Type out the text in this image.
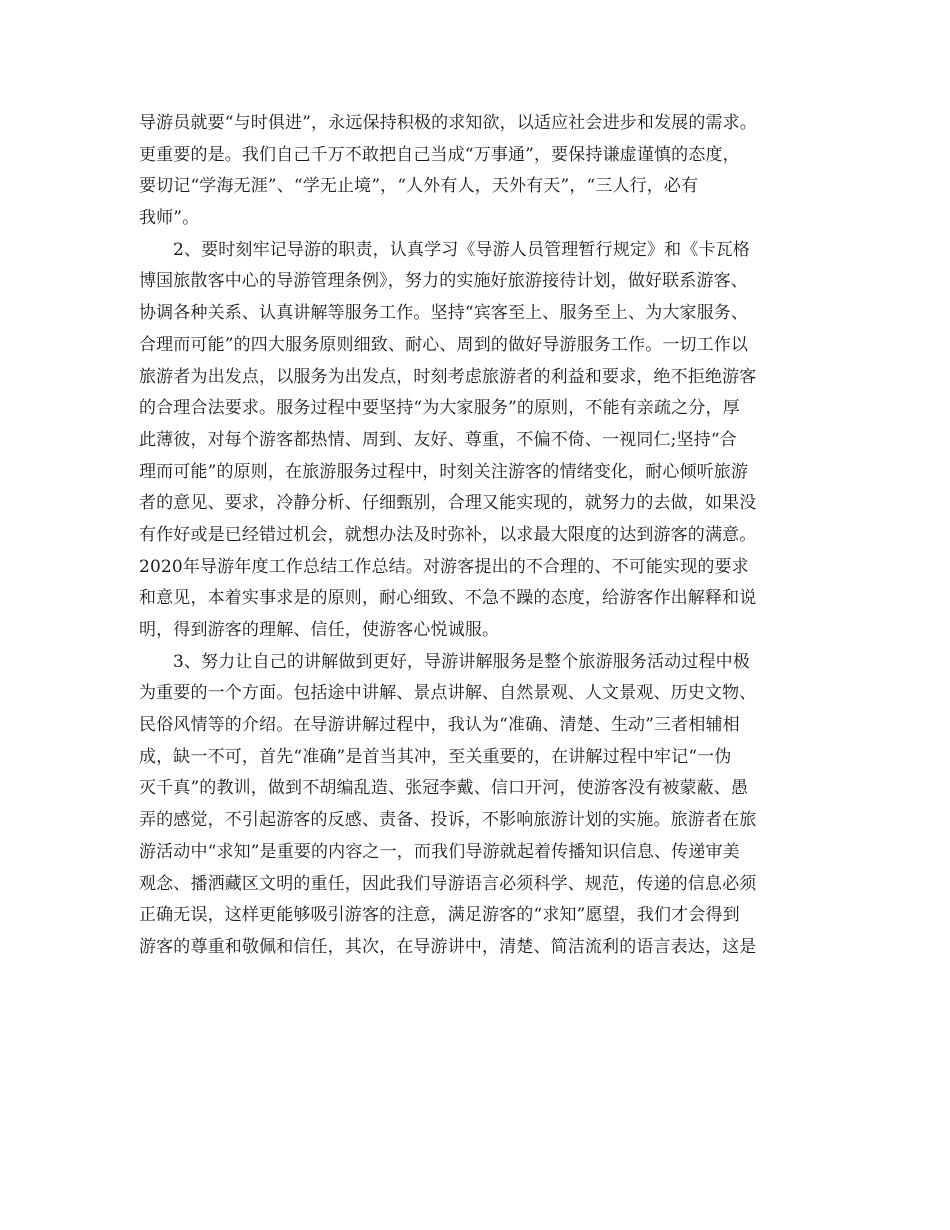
导游员就要“与时俱进”，永远保持积极的求知欲，以适应社会进步和发展的需求。
更重要的是。我们自己千万不敢把自己当成“万事通”，要保持谦虚谨慎的态度，
要切记“学海无涯”、“学无止境”，“人外有人，天外有天”，“三人行，必有
我师”。
2、要时刻牢记导游的职责，认真学习《导游人员管理暂行规定》和《卡瓦格
博国旅散客中心的导游管理条例》，努力的实施好旅游接待计划，做好联系游客、
协调各种关系、认真讲解等服务工作。坚持“宾客至上、服务至上、为大家服务、
合理而可能”的四大服务原则细致、耐心、周到的做好导游服务工作。一切工作以
旅游者为出发点，以服务为出发点，时刻考虑旅游者的利益和要求，绝不拒绝游客
的合理合法要求。服务过程中要坚持“为大家服务”的原则，不能有亲疏之分，厚
此薄彼，对每个游客都热情、周到、友好、尊重，不偏不倚、一视同仁;坚持“合
理而可能”的原则，在旅游服务过程中，时刻关注游客的情绪变化，耐心倾听旅游
者的意见、要求，冷静分析、仔细甄别，合理又能实现的，就努力的去做，如果没
有作好或是已经错过机会，就想办法及时弥补，以求最大限度的达到游客的满意。
2020年导游年度工作总结工作总结。对游客提出的不合理的、不可能实现的要求
和意见，本着实事求是的原则，耐心细致、不急不躁的态度，给游客作出解释和说
明，得到游客的理解、信任，使游客心悦诚服。
3、努力让自己的讲解做到更好，导游讲解服务是整个旅游服务活动过程中极
为重要的一个方面。包括途中讲解、景点讲解、自然景观、人文景观、历史文物、
民俗风情等的介绍。在导游讲解过程中，我认为“准确、清楚、生动”三者相辅相
成，缺一不可，首先“准确”是首当其冲，至关重要的，在讲解过程中牢记“一伪
灭千真”的教训，做到不胡编乱造、张冠李戴、信口开河，使游客没有被蒙蔽、愚
弄的感觉，不引起游客的反感、责备、投诉，不影响旅游计划的实施。旅游者在旅
游活动中“求知”是重要的内容之一，而我们导游就起着传播知识信息、传递审美
观念、播洒藏区文明的重任，因此我们导游语言必须科学、规范，传递的信息必须
正确无误，这样更能够吸引游客的注意，满足游客的“求知”愿望，我们才会得到
游客的尊重和敬佩和信任，其次，在导游讲中，清楚、简洁流利的语言表达，这是
